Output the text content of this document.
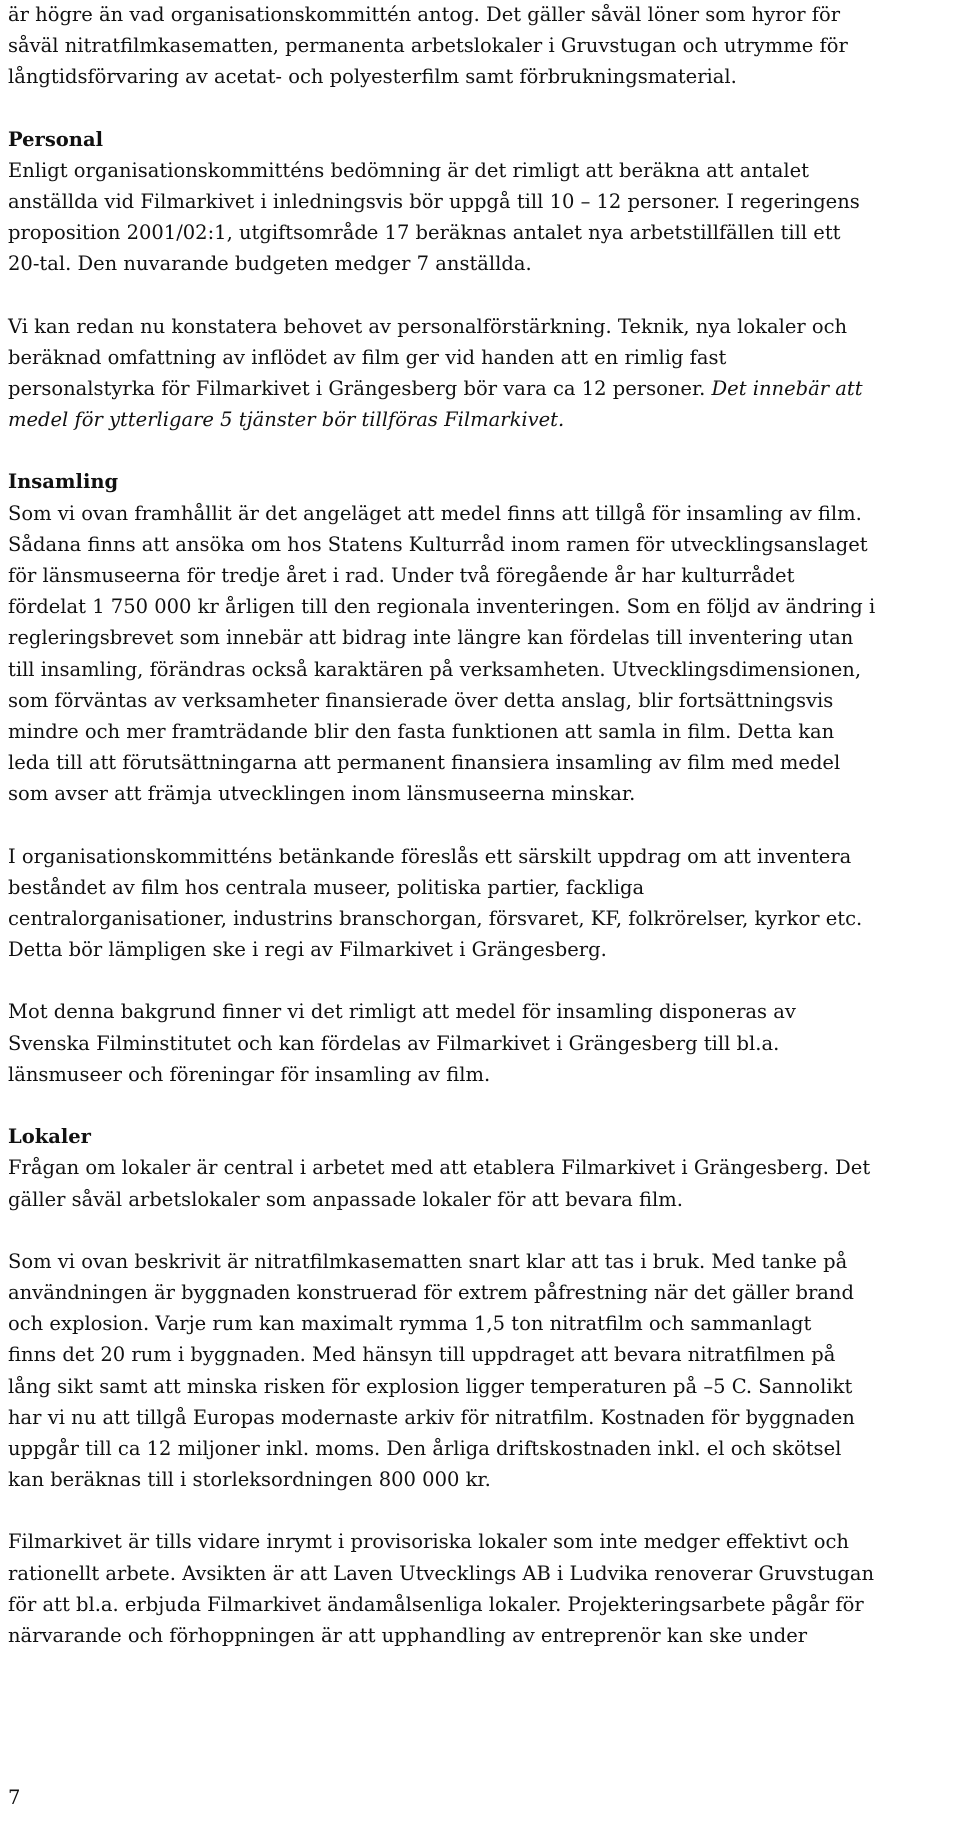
är högre än vad organisationskommittén antog. Det gäller såväl löner som hyror för
såväl nitratfilmkasematten, permanenta arbetslokaler i Gruvstugan och utrymme för
långtidsförvaring av acetat- och polyesterfilm samt förbrukningsmaterial.

Personal

Enligt organisationskommitténs bedömning är det rimligt att beräkna att antalet
anställda vid Filmarkivet i inledningsvis bör uppgå till 10 – 12 personer. I regeringens
proposition 2001/02:1, utgiftsområde 17 beräknas antalet nya arbetstillfällen till ett
20-tal. Den nuvarande budgeten medger 7 anställda.

Vi kan redan nu konstatera behovet av personalförstärkning. Teknik, nya lokaler och
beräknad omfattning av inflödet av film ger vid handen att en rimlig fast
personalstyrka för Filmarkivet i Grängesberg bör vara ca 12 personer. Det innebär att
medel för ytterligare 5 tjänster bör tillföras Filmarkivet.

Insamling

Som vi ovan framhållit är det angeläget att medel finns att tillgå för insamling av film.
Sådana finns att ansöka om hos Statens Kulturråd inom ramen för utvecklingsanslaget
för länsmuseerna för tredje året i rad. Under två föregående år har kulturrådet
fördelat 1 750 000 kr årligen till den regionala inventeringen. Som en följd av ändring i
regleringsbrevet som innebär att bidrag inte längre kan fördelas till inventering utan
till insamling, förändras också karaktären på verksamheten. Utvecklingsdimensionen,
som förväntas av verksamheter finansierade över detta anslag, blir fortsättningsvis
mindre och mer framträdande blir den fasta funktionen att samla in film. Detta kan
leda till att förutsättningarna att permanent finansiera insamling av film med medel
som avser att främja utvecklingen inom länsmuseerna minskar.

I organisationskommitténs betänkande föreslås ett särskilt uppdrag om att inventera
beståndet av film hos centrala museer, politiska partier, fackliga
centralorganisationer, industrins branschorgan, försvaret, KF, folkrörelser, kyrkor etc.
Detta bör lämpligen ske i regi av Filmarkivet i Grängesberg.

Mot denna bakgrund finner vi det rimligt att medel för insamling disponeras av
Svenska Filminstitutet och kan fördelas av Filmarkivet i Grängesberg till bl.a.
länsmuseer och föreningar för insamling av film.

Lokaler

Frågan om lokaler är central i arbetet med att etablera Filmarkivet i Grängesberg. Det
gäller såväl arbetslokaler som anpassade lokaler för att bevara film.

Som vi ovan beskrivit är nitratfilmkasematten snart klar att tas i bruk. Med tanke på
användningen är byggnaden konstruerad för extrem påfrestning när det gäller brand
och explosion. Varje rum kan maximalt rymma 1,5 ton nitratfilm och sammanlagt
finns det 20 rum i byggnaden. Med hänsyn till uppdraget att bevara nitratfilmen på
lång sikt samt att minska risken för explosion ligger temperaturen på –5 C. Sannolikt
har vi nu att tillgå Europas modernaste arkiv för nitratfilm. Kostnaden för byggnaden
uppgår till ca 12 miljoner inkl. moms. Den årliga driftskostnaden inkl. el och skötsel
kan beräknas till i storleksordningen 800 000 kr.

Filmarkivet är tills vidare inrymt i provisoriska lokaler som inte medger effektivt och
rationellt arbete. Avsikten är att Laven Utvecklings AB i Ludvika renoverar Gruvstugan
för att bl.a. erbjuda Filmarkivet ändamålsenliga lokaler. Projekteringsarbete pågår för
närvarande och förhoppningen är att upphandling av entreprenör kan ske under

7
